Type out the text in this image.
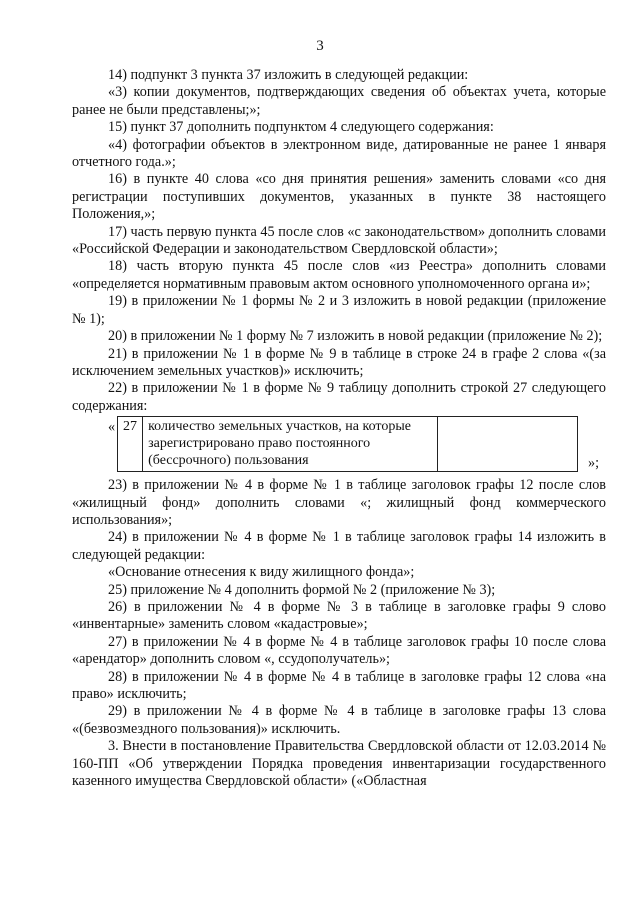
3

14) подпункт 3 пункта 37 изложить в следующей редакции:

«3) копии документов, подтверждающих сведения об объектах учета, которые ранее не были представлены;»;

15) пункт 37 дополнить подпунктом 4 следующего содержания:

«4) фотографии объектов в электронном виде, датированные не ранее 1 января отчетного года.»;

16) в пункте 40 слова «со дня принятия решения» заменить словами «со дня регистрации поступивших документов, указанных в пункте 38 настоящего Положения,»;

17) часть первую пункта 45 после слов «с законодательством» дополнить словами «Российской Федерации и законодательством Свердловской области»;

18) часть вторую пункта 45 после слов «из Реестра» дополнить словами «определяется нормативным правовым актом основного уполномоченного органа и»;

19) в приложении № 1 формы № 2 и 3 изложить в новой редакции (приложение № 1);

20) в приложении № 1 форму № 7 изложить в новой редакции (приложение № 2);

21) в приложении № 1 в форме № 9 в таблице в строке 24 в графе 2 слова «(за исключением земельных участков)» исключить;

22) в приложении № 1 в форме № 9 таблицу дополнить строкой 27 следующего содержания:

« 27	количество земельных участков, на которые зарегистрировано право постоянного (бессрочного) пользования		»;

23) в приложении № 4 в форме № 1 в таблице заголовок графы 12 после слов «жилищный фонд» дополнить словами «; жилищный фонд коммерческого использования»;

24) в приложении № 4 в форме № 1 в таблице заголовок графы 14 изложить в следующей редакции:

«Основание отнесения к виду жилищного фонда»;

25) приложение № 4 дополнить формой № 2 (приложение № 3);

26) в приложении № 4 в форме № 3 в таблице в заголовке графы 9 слово «инвентарные» заменить словом «кадастровые»;

27) в приложении № 4 в форме № 4 в таблице заголовок графы 10 после слова «арендатор» дополнить словом «, ссудополучатель»;

28) в приложении № 4 в форме № 4 в таблице в заголовке графы 12 слова «на право» исключить;

29) в приложении № 4 в форме № 4 в таблице в заголовке графы 13 слова «(безвозмездного пользования)» исключить.

3. Внести в постановление Правительства Свердловской области от 12.03.2014 № 160-ПП «Об утверждении Порядка проведения инвентаризации государственного казенного имущества Свердловской области» («Областная
